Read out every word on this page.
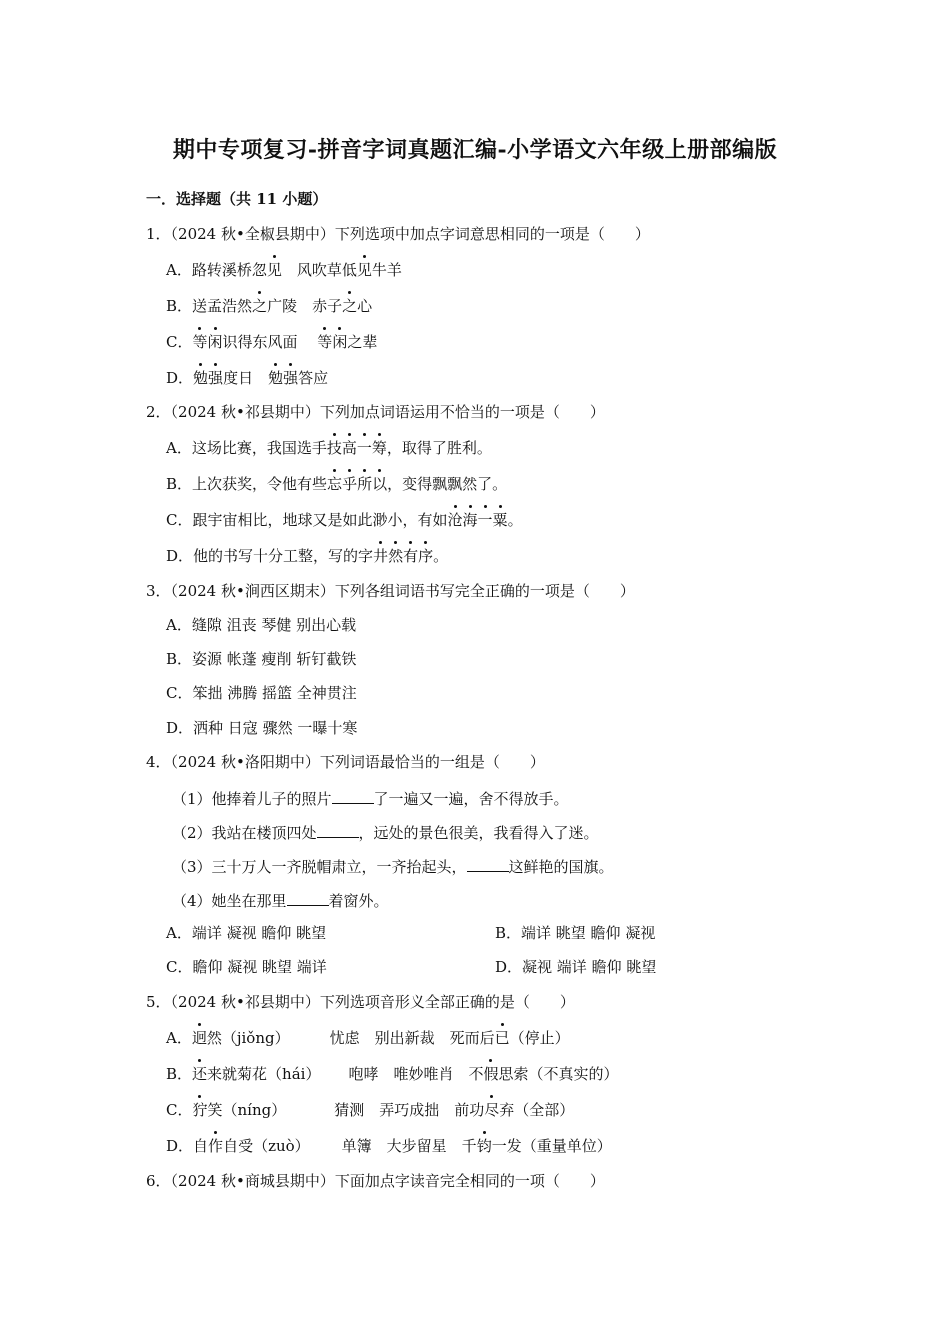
期中专项复习-拼音字词真题汇编-小学语文六年级上册部编版
一．选择题（共 11 小题）
1．（2024 秋•全椒县期中）下列选项中加点字词意思相同的一项是（　　）
A．路转溪桥忽见　风吹草低见牛羊
B．送孟浩然之广陵　赤子之心
C．等闲识得东风面　 等闲之辈
D．勉强度日　勉强答应
2．（2024 秋•祁县期中）下列加点词语运用不恰当的一项是（　　）
A．这场比赛，我国选手技高一筹，取得了胜利。
B．上次获奖，令他有些忘乎所以，变得飘飘然了。
C．跟宇宙相比，地球又是如此渺小，有如沧海一粟。
D．他的书写十分工整，写的字井然有序。
3．（2024 秋•涧西区期末）下列各组词语书写完全正确的一项是（　　）
A．缝隙 沮丧 琴健 别出心载
B．姿源 帐蓬 瘦削 斩钉截铁
C．笨拙 沸腾 摇篮 全神贯注
D．洒种 日寇 骤然 一曝十寒
4．（2024 秋•洛阳期中）下列词语最恰当的一组是（　　）
（1）他捧着儿子的照片	了一遍又一遍，舍不得放手。
（2）我站在楼顶四处	，远处的景色很美，我看得入了迷。
（3）三十万人一齐脱帽肃立，一齐抬起头，	这鲜艳的国旗。
（4）她坐在那里	着窗外。
A．端详 凝视 瞻仰 眺望	B．端详 眺望 瞻仰 凝视
C．瞻仰 凝视 眺望 端详	D．凝视 端详 瞻仰 眺望
5．（2024 秋•祁县期中）下列选项音形义全部正确的是（　　）
A．迥然（jiǒng）	忧虑　别出新裁　死而后已（停止）
B．还来就菊花（hái） 咆哮　唯妙唯肖　不假思索（不真实的）
C．狞笑（níng）	猜测　弄巧成拙　前功尽弃（全部）
D．自作自受（zuò） 单簿　大步留星　千钧一发（重量单位）
6．（2024 秋•商城县期中）下面加点字读音完全相同的一项（　　）
